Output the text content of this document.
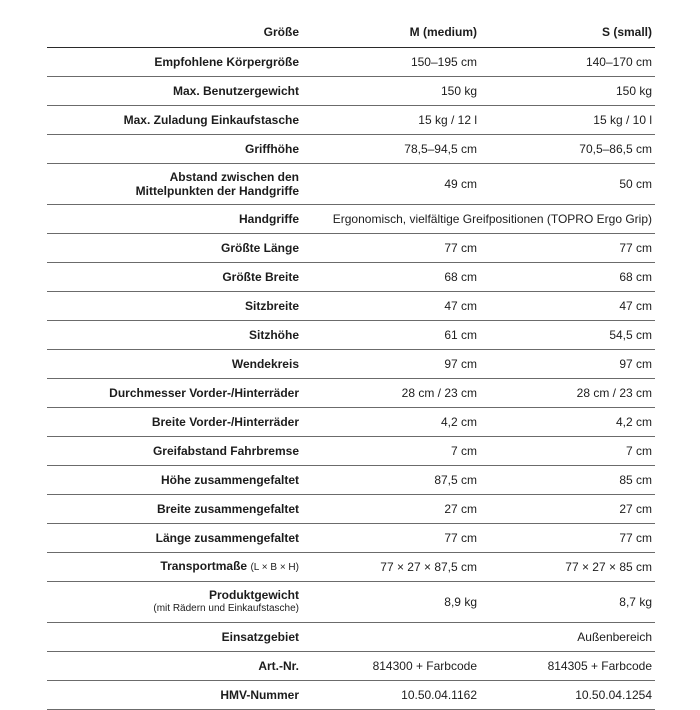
Größe	M (medium)	S (small)
Empfohlene Körpergröße	150–195 cm	140–170 cm
Max. Benutzergewicht	150 kg	150 kg
Max. Zuladung Einkaufstasche	15 kg / 12 l	15 kg / 10 l
Griffhöhe	78,5–94,5 cm	70,5–86,5 cm

Abstand zwischen den
Mittelpunkten der Handgriffe	49 cm	50 cm
Handgriffe	Ergonomisch, vielfältige Greifpositionen (TOPRO Ergo Grip)	
Größte Länge	77 cm	77 cm
Größte Breite	68 cm	68 cm
Sitzbreite	47 cm	47 cm
Sitzhöhe	61 cm	54,5 cm
Wendekreis	97 cm	97 cm
Durchmesser Vorder-/Hinterräder	28 cm / 23 cm	28 cm / 23 cm
Breite Vorder-/Hinterräder	4,2 cm	4,2 cm
Greifabstand Fahrbremse	7 cm	7 cm
Höhe zusammengefaltet	87,5 cm	85 cm
Breite zusammengefaltet	27 cm	27 cm
Länge zusammengefaltet	77 cm	77 cm
Transportmaße (L × B × H)	77 × 27 × 87,5 cm	77 × 27 × 85 cm

Produktgewicht
(mit Rädern und Einkaufstasche)	8,9 kg	8,7 kg
Einsatzgebiet		Außenbereich
Art.-Nr.	814300 + Farbcode	814305 + Farbcode
HMV-Nummer	10.50.04.1162	10.50.04.1254
